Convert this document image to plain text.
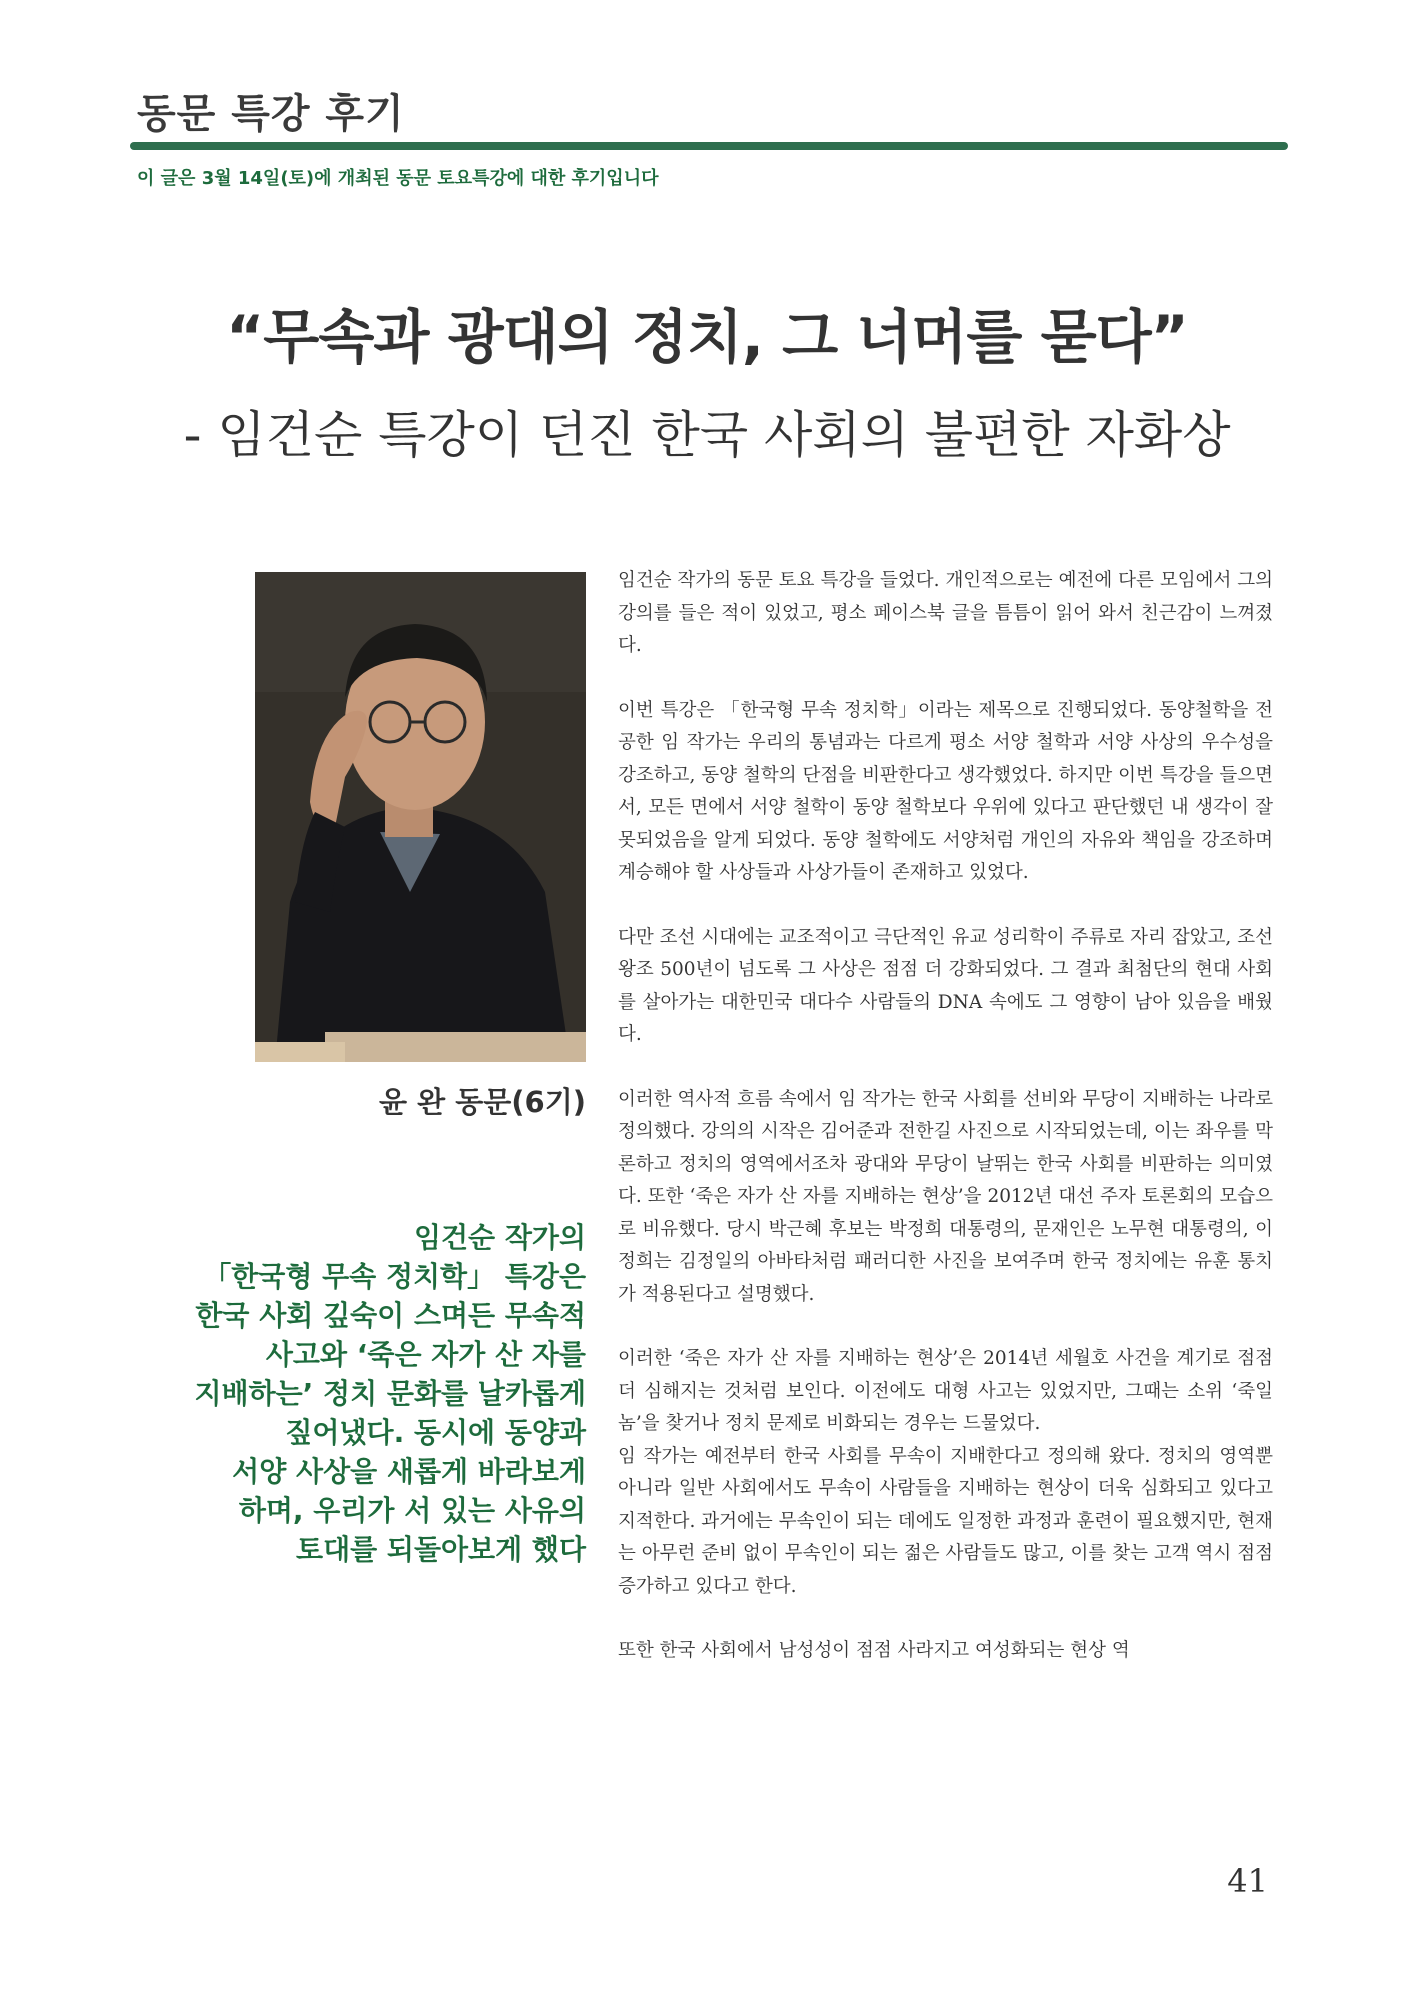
동문 특강 후기

이 글은 3월 14일(토)에 개최된 동문 토요특강에 대한 후기입니다

“무속과 광대의 정치, 그 너머를 묻다”
- 임건순 특강이 던진 한국 사회의 불편한 자화상

윤 완 동문(6기)

임건순 작가의
「한국형 무속 정치학」 특강은
한국 사회 깊숙이 스며든 무속적
사고와 ‘죽은 자가 산 자를
지배하는’ 정치 문화를 날카롭게
짚어냈다. 동시에 동양과
서양 사상을 새롭게 바라보게
하며, 우리가 서 있는 사유의
토대를 되돌아보게 했다

임건순 작가의 동문 토요 특강을 들었다. 개인적으로는 예전에 다른 모임에서 그의 강의를 들은 적이 있었고, 평소 페이스북 글을 틈틈이 읽어 와서 친근감이 느껴졌다.

이번 특강은 「한국형 무속 정치학」이라는 제목으로 진행되었다. 동양철학을 전공한 임 작가는 우리의 통념과는 다르게 평소 서양 철학과 서양 사상의 우수성을 강조하고, 동양 철학의 단점을 비판한다고 생각했었다. 하지만 이번 특강을 들으면서, 모든 면에서 서양 철학이 동양 철학보다 우위에 있다고 판단했던 내 생각이 잘못되었음을 알게 되었다. 동양 철학에도 서양처럼 개인의 자유와 책임을 강조하며 계승해야 할 사상들과 사상가들이 존재하고 있었다.

다만 조선 시대에는 교조적이고 극단적인 유교 성리학이 주류로 자리 잡았고, 조선왕조 500년이 넘도록 그 사상은 점점 더 강화되었다. 그 결과 최첨단의 현대 사회를 살아가는 대한민국 대다수 사람들의 DNA 속에도 그 영향이 남아 있음을 배웠다.

이러한 역사적 흐름 속에서 임 작가는 한국 사회를 선비와 무당이 지배하는 나라로 정의했다. 강의의 시작은 김어준과 전한길 사진으로 시작되었는데, 이는 좌우를 막론하고 정치의 영역에서조차 광대와 무당이 날뛰는 한국 사회를 비판하는 의미였다. 또한 ‘죽은 자가 산 자를 지배하는 현상’을 2012년 대선 주자 토론회의 모습으로 비유했다. 당시 박근혜 후보는 박정희 대통령의, 문재인은 노무현 대통령의, 이정희는 김정일의 아바타처럼 패러디한 사진을 보여주며 한국 정치에는 유훈 통치가 적용된다고 설명했다.

이러한 ‘죽은 자가 산 자를 지배하는 현상’은 2014년 세월호 사건을 계기로 점점 더 심해지는 것처럼 보인다. 이전에도 대형 사고는 있었지만, 그때는 소위 ‘죽일 놈’을 찾거나 정치 문제로 비화되는 경우는 드물었다.

임 작가는 예전부터 한국 사회를 무속이 지배한다고 정의해 왔다. 정치의 영역뿐 아니라 일반 사회에서도 무속이 사람들을 지배하는 현상이 더욱 심화되고 있다고 지적한다. 과거에는 무속인이 되는 데에도 일정한 과정과 훈련이 필요했지만, 현재는 아무런 준비 없이 무속인이 되는 젊은 사람들도 많고, 이를 찾는 고객 역시 점점 증가하고 있다고 한다.

또한 한국 사회에서 남성성이 점점 사라지고 여성화되는 현상 역

41
